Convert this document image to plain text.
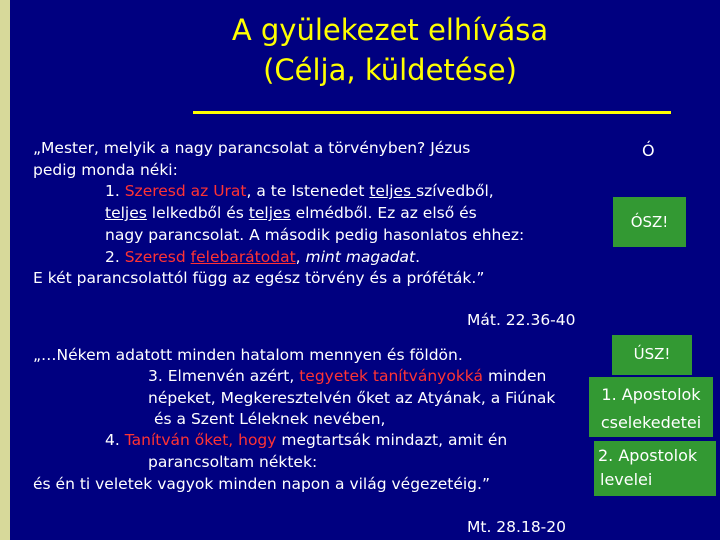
A gyülekezet elhívása
(Célja, küldetése)
„Mester, melyik a nagy parancsolat a törvényben? Jézus
pedig monda néki:
1. Szeresd az Urat, a te Istenedet teljes szívedből,
teljes lelkedből és teljes elmédből. Ez az első és
nagy parancsolat. A második pedig hasonlatos ehhez:
2. Szeresd felebarátodat, mint magadat.
E két parancsolattól függ az egész törvény és a próféták.”
Mát. 22.36-40
Ó
ÓSZ!
ÚSZ!
1. Apostolok
cselekedetei
2. Apostolok
levelei
„…Nékem adatott minden hatalom mennyen és földön.
3. Elmenvén azért, tegyetek tanítványokká minden
népeket, Megkeresztelvén őket az Atyának, a Fiúnak
és a Szent Léleknek nevében,
4. Tanítván őket, hogy megtartsák mindazt, amit én
parancsoltam néktek:
és én ti veletek vagyok minden napon a világ végezetéig.”
Mt. 28.18-20
